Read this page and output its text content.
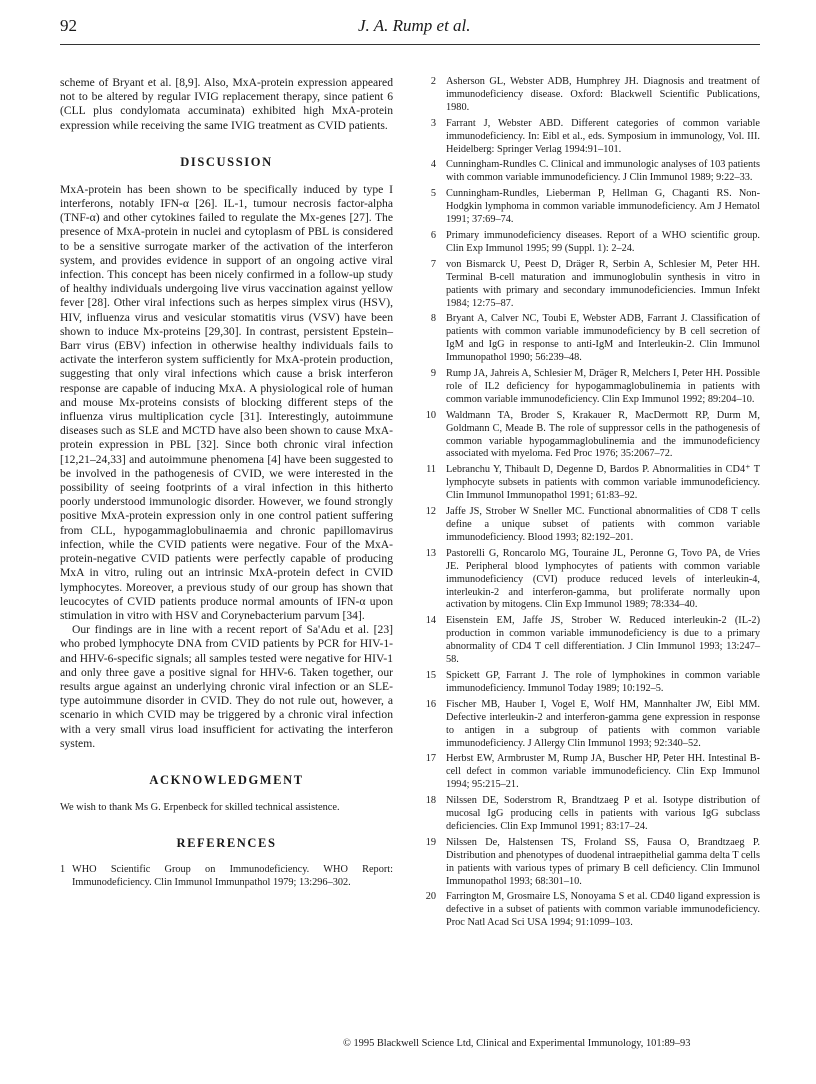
92	J. A. Rump et al.

scheme of Bryant et al. [8,9]. Also, MxA-protein expression appeared not to be altered by regular IVIG replacement therapy, since patient 6 (CLL plus condylomata accuminata) exhibited high MxA-protein expression while receiving the same IVIG treatment as CVID patients.

DISCUSSION

MxA-protein has been shown to be specifically induced by type I interferons, notably IFN-α [26]. IL-1, tumour necrosis factor-alpha (TNF-α) and other cytokines failed to regulate the Mx-genes [27]. The presence of MxA-protein in nuclei and cytoplasm of PBL is considered to be a sensitive surrogate marker of the activation of the interferon system, and provides evidence in support of an ongoing active viral infection. This concept has been nicely confirmed in a follow-up study of healthy individuals undergoing live virus vaccination against yellow fever [28]. Other viral infections such as herpes simplex virus (HSV), HIV, influenza virus and vesicular stomatitis virus (VSV) have been shown to induce Mx-proteins [29,30]. In contrast, persistent Epstein–Barr virus (EBV) infection in otherwise healthy individuals fails to activate the interferon system sufficiently for MxA-protein production, suggesting that only viral infections which cause a brisk interferon response are capable of inducing MxA. A physiological role of human and mouse Mx-proteins consists of blocking different steps of the influenza virus multiplication cycle [31]. Interestingly, autoimmune diseases such as SLE and MCTD have also been shown to cause MxA-protein expression in PBL [32]. Since both chronic viral infection [12,21–24,33] and autoimmune phenomena [4] have been suggested to be involved in the pathogenesis of CVID, we were interested in the possibility of seeing footprints of a viral infection in this hitherto poorly understood immunologic disorder. However, we found strongly positive MxA-protein expression only in one control patient suffering from CLL, hypogammaglobulinaemia and chronic papillomavirus infection, while the CVID patients were negative. Four of the MxA-protein-negative CVID patients were perfectly capable of producing MxA in vitro, ruling out an intrinsic MxA-protein defect in CVID lymphocytes. Moreover, a previous study of our group has shown that leucocytes of CVID patients produce normal amounts of IFN-α upon stimulation in vitro with HSV and Corynebacterium parvum [34].

Our findings are in line with a recent report of Sa'Adu et al. [23] who probed lymphocyte DNA from CVID patients by PCR for HIV-1- and HHV-6-specific signals; all samples tested were negative for HIV-1 and only three gave a positive signal for HHV-6. Taken together, our results argue against an underlying chronic viral infection or an SLE-type autoimmune disorder in CVID. They do not rule out, however, a scenario in which CVID may be triggered by a chronic viral infection with a very small virus load insufficient for activating the interferon system.

ACKNOWLEDGMENT

We wish to thank Ms G. Erpenbeck for skilled technical assistence.

REFERENCES
1 WHO Scientific Group on Immunodeficiency. WHO Report: Immunodeficiency. Clin Immunol Immunpathol 1979; 13:296–302.
2 Asherson GL, Webster ADB, Humphrey JH. Diagnosis and treatment of immunodeficiency disease. Oxford: Blackwell Scientific Publications, 1980.
3 Farrant J, Webster ABD. Different categories of common variable immunodeficiency. In: Eibl et al., eds. Symposium in immunology, Vol. III. Heidelberg: Springer Verlag 1994:91–101.
4 Cunningham-Rundles C. Clinical and immunologic analyses of 103 patients with common variable immunodeficiency. J Clin Immunol 1989; 9:22–33.
5 Cunningham-Rundles, Lieberman P, Hellman G, Chaganti RS. Non-Hodgkin lymphoma in common variable immunodeficiency. Am J Hematol 1991; 37:69–74.
6 Primary immunodeficiency diseases. Report of a WHO scientific group. Clin Exp Immunol 1995; 99 (Suppl. 1): 2–24.
7 von Bismarck U, Peest D, Dräger R, Serbin A, Schlesier M, Peter HH. Terminal B-cell maturation and immunoglobulin synthesis in vitro in patients with primary and secondary immunodeficiencies. Immun Infekt 1984; 12:75–87.
8 Bryant A, Calver NC, Toubi E, Webster ADB, Farrant J. Classification of patients with common variable immunodeficiency by B cell secretion of IgM and IgG in response to anti-IgM and Interleukin-2. Clin Immunol Immunopathol 1990; 56:239–48.
9 Rump JA, Jahreis A, Schlesier M, Dräger R, Melchers I, Peter HH. Possible role of IL2 deficiency for hypogammaglobulinemia in patients with common variable immunodeficiency. Clin Exp Immunol 1992; 89:204–10.
10 Waldmann TA, Broder S, Krakauer R, MacDermott RP, Durm M, Goldmann C, Meade B. The role of suppressor cells in the pathogenesis of common variable hypogammaglobulinemia and the immunodeficiency associated with myeloma. Fed Proc 1976; 35:2067–72.
11 Lebranchu Y, Thibault D, Degenne D, Bardos P. Abnormalities in CD4⁺ T lymphocyte subsets in patients with common variable immunodeficiency. Clin Immunol Immunopathol 1991; 61:83–92.
12 Jaffe JS, Strober W Sneller MC. Functional abnormalities of CD8 T cells define a unique subset of patients with common variable immunodeficiency. Blood 1993; 82:192–201.
13 Pastorelli G, Roncarolo MG, Touraine JL, Peronne G, Tovo PA, de Vries JE. Peripheral blood lymphocytes of patients with common variable immunodeficiency (CVI) produce reduced levels of interleukin-4, interleukin-2 and interferon-gamma, but proliferate normally upon activation by mitogens. Clin Exp Immunol 1989; 78:334–40.
14 Eisenstein EM, Jaffe JS, Strober W. Reduced interleukin-2 (IL-2) production in common variable immunodeficiency is due to a primary abnormality of CD4 T cell differentiation. J Clin Immunol 1993; 13:247–58.
15 Spickett GP, Farrant J. The role of lymphokines in common variable immunodeficiency. Immunol Today 1989; 10:192–5.
16 Fischer MB, Hauber I, Vogel E, Wolf HM, Mannhalter JW, Eibl MM. Defective interleukin-2 and interferon-gamma gene expression in response to antigen in a subgroup of patients with common variable immunodeficiency. J Allergy Clin Immunol 1993; 92:340–52.
17 Herbst EW, Armbruster M, Rump JA, Buscher HP, Peter HH. Intestinal B-cell defect in common variable immunodeficiency. Clin Exp Immunol 1994; 95:215–21.
18 Nilssen DE, Soderstrom R, Brandtzaeg P et al. Isotype distribution of mucosal IgG producing cells in patients with various IgG subclass deficiencies. Clin Exp Immunol 1991; 83:17–24.
19 Nilssen De, Halstensen TS, Froland SS, Fausa O, Brandtzaeg P. Distribution and phenotypes of duodenal intraepithelial gamma delta T cells in patients with various types of primary B cell deficiency. Clin Immunol Immunopathol 1993; 68:301–10.
20 Farrington M, Grosmaire LS, Nonoyama S et al. CD40 ligand expression is defective in a subset of patients with common variable immunodeficiency. Proc Natl Acad Sci USA 1994; 91:1099–103.
© 1995 Blackwell Science Ltd, Clinical and Experimental Immunology, 101:89–93
